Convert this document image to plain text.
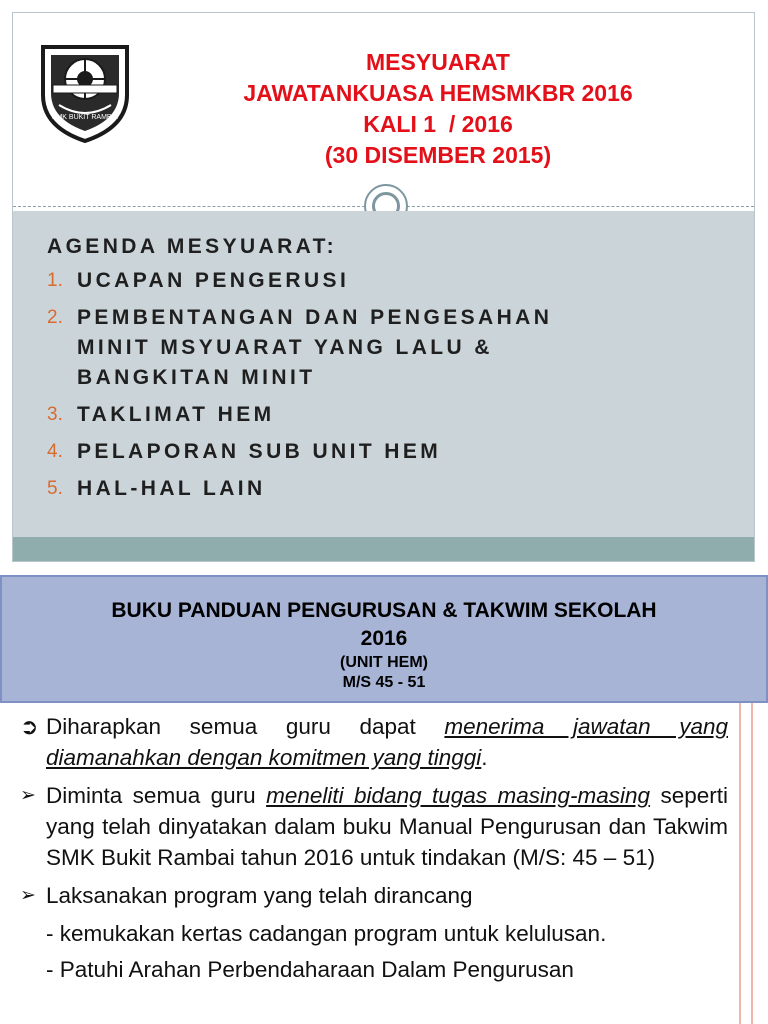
SMK BUKIT RAMBAI
MESYUARAT
JAWATANKUASA HEMSMKBR 2016
KALI 1  / 2016
(30 DISEMBER 2015)
AGENDA MESYUARAT:
1. UCAPAN PENGERUSI
2. PEMBENTANGAN DAN PENGESAHAN
MINIT MSYUARAT YANG LALU &
BANGKITAN MINIT
3. TAKLIMAT HEM
4. PELAPORAN SUB UNIT HEM
5. HAL-HAL LAIN
BUKU PANDUAN PENGURUSAN & TAKWIM SEKOLAH
2016
(UNIT HEM)
M/S 45 - 51
➲ Diharapkan semua guru dapat menerima jawatan yang diamanahkan dengan komitmen yang tinggi.
➢ Diminta semua guru meneliti bidang tugas masing-masing seperti yang telah dinyatakan dalam buku Manual Pengurusan dan Takwim SMK Bukit Rambai tahun 2016 untuk tindakan (M/S: 45 – 51)
➢ Laksanakan program yang telah dirancang
- kemukakan kertas cadangan program untuk kelulusan.
- Patuhi Arahan Perbendaharaan Dalam Pengurusan
